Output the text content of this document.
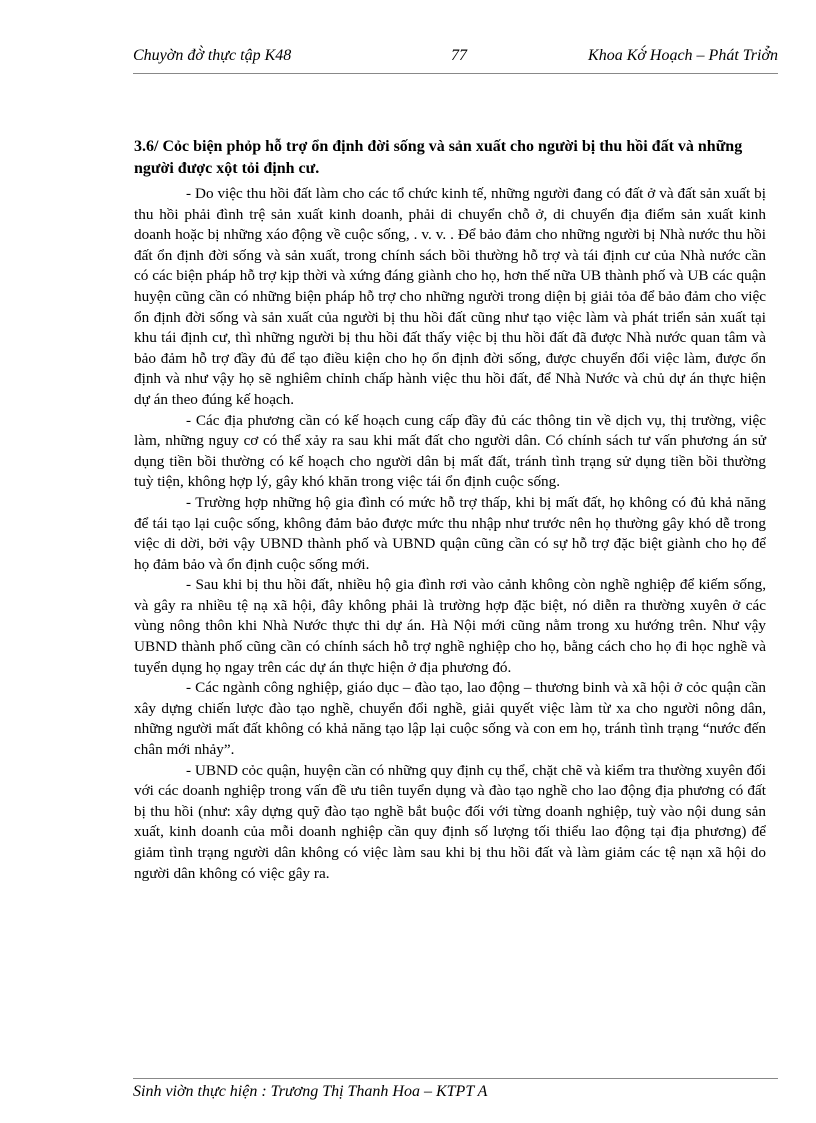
Chuyờn đờ̀ thực tập K48	77	Khoa Kờ́ Hoạch – Phát Triờ̉n

3.6/ Cỏc biện phỏp hỗ trợ ổn định đời sống và sản xuất cho người bị thu hồi đất và những người được xột tỏi định cư.

- Do việc thu hồi đất làm cho các tổ chức kinh tế, những người đang có đất ở và đất sản xuất bị thu hồi phải đình trệ sản xuất kinh doanh, phải di chuyển chỗ ở, di chuyển địa điểm sản xuất kinh doanh hoặc bị những xáo động về cuộc sống, . v. v. . Để bảo đảm cho những người bị Nhà nước thu hồi đất ổn định đời sống và sản xuất, trong chính sách bồi thường hỗ trợ và tái định cư của Nhà nước cần có các biện pháp hỗ trợ kịp thời và xứng đáng giành cho họ, hơn thế nữa UB thành phố và UB các quận huyện cũng cần có những biện pháp hỗ trợ cho những người trong diện bị giải tỏa để bảo đảm cho việc ổn định đời sống và sản xuất của người bị thu hồi đất cũng như tạo việc làm và phát triển sản xuất tại khu tái định cư, thì những người bị thu hồi đất thấy việc bị thu hồi đất đã được Nhà nước quan tâm và bảo đảm hỗ trợ đầy đủ để tạo điều kiện cho họ ổn định đời sống, được chuyển đổi việc làm, được ổn định và như vậy họ sẽ nghiêm chỉnh chấp hành việc thu hồi đất, để Nhà Nước và chủ dự án thực hiện dự án theo đúng kế hoạch.

- Các địa phương cần có kế hoạch cung cấp đầy đủ các thông tin về dịch vụ, thị trường, việc làm, những nguy cơ có thể xảy ra sau khi mất đất cho người dân. Có chính sách tư vấn phương án sử dụng tiền bồi thường có kế hoạch cho người dân bị mất đất, tránh tình trạng sử dụng tiền bồi thường tuỳ tiện, không hợp lý, gây khó khăn trong việc tái ổn định cuộc sống.

- Trường hợp những hộ gia đình có mức hỗ trợ thấp, khi bị mất đất, họ không có đủ khả năng để tái tạo lại cuộc sống, không đảm bảo được mức thu nhập như trước nên họ thường gây khó dễ trong việc di dời, bởi vậy UBND thành phố và UBND quận cũng cần có sự hỗ trợ đặc biệt giành cho họ để họ đảm bảo và ổn định cuộc sống mới.

- Sau khi bị thu hồi đất, nhiều hộ gia đình rơi vào cảnh không còn nghề nghiệp để kiếm sống, và gây ra nhiều tệ nạ xã hội, đây không phải là trường hợp đặc biệt, nó diễn ra thường xuyên ở các vùng nông thôn khi Nhà Nước thực thi dự án. Hà Nội mới cũng nằm trong xu hướng trên. Như vậy UBND thành phố cũng cần có chính sách hỗ trợ nghề nghiệp cho họ, bằng cách cho họ đi học nghề và tuyển dụng họ ngay trên các dự án thực hiện ở địa phương đó.

- Các ngành công nghiệp, giáo dục – đào tạo, lao động – thương binh và xã hội ở cỏc quận cần xây dựng chiến lược đào tạo nghề, chuyển đổi nghề, giải quyết việc làm từ xa cho người nông dân, những người mất đất không có khả năng tạo lập lại cuộc sống và con em họ, tránh tình trạng “nước đến chân mới nhảy”.

- UBND cỏc quận, huyện cần có những quy định cụ thể, chặt chẽ và kiểm tra thường xuyên đối với các doanh nghiệp trong vấn đề ưu tiên tuyển dụng và đào tạo nghề cho lao động địa phương có đất bị thu hồi (như: xây dựng quỹ đào tạo nghề bắt buộc đối với từng doanh nghiệp, tuỳ vào nội dung sản xuất, kinh doanh của mỗi doanh nghiệp cần quy định số lượng tối thiểu lao động tại địa phương) để giảm tình trạng người dân không có việc làm sau khi bị thu hồi đất và làm giảm các tệ nạn xã hội do người dân không có việc gây ra.

Sinh viờn thực hiện : Trương Thị Thanh Hoa – KTPT A
